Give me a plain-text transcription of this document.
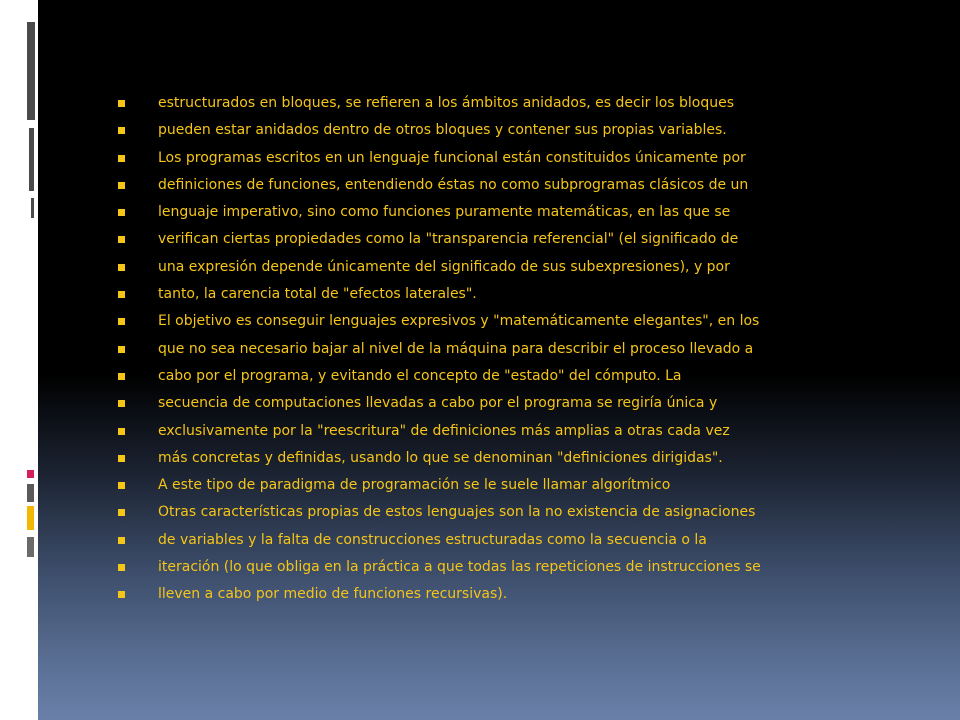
estructurados en bloques, se refieren a los ámbitos anidados, es decir los bloques
pueden estar anidados dentro de otros bloques y contener sus propias variables.
Los programas escritos en un lenguaje funcional están constituidos únicamente por
definiciones de funciones, entendiendo éstas no como subprogramas clásicos de un
lenguaje imperativo, sino como funciones puramente matemáticas, en las que se
verifican ciertas propiedades como la "transparencia referencial" (el significado de
una expresión depende únicamente del significado de sus subexpresiones), y por
tanto, la carencia total de "efectos laterales".
El objetivo es conseguir lenguajes expresivos y "matemáticamente elegantes", en los
que no sea necesario bajar al nivel de la máquina para describir el proceso llevado a
cabo por el programa, y evitando el concepto de "estado" del cómputo. La
secuencia de computaciones llevadas a cabo por el programa se regiría única y
exclusivamente por la "reescritura" de definiciones más amplias a otras cada vez
más concretas y definidas, usando lo que se denominan "definiciones dirigidas".
A este tipo de paradigma de programación se le suele llamar algorítmico
Otras características propias de estos lenguajes son la no existencia de asignaciones
de variables y la falta de construcciones estructuradas como la secuencia o la
iteración (lo que obliga en la práctica a que todas las repeticiones de instrucciones se
lleven a cabo por medio de funciones recursivas).
